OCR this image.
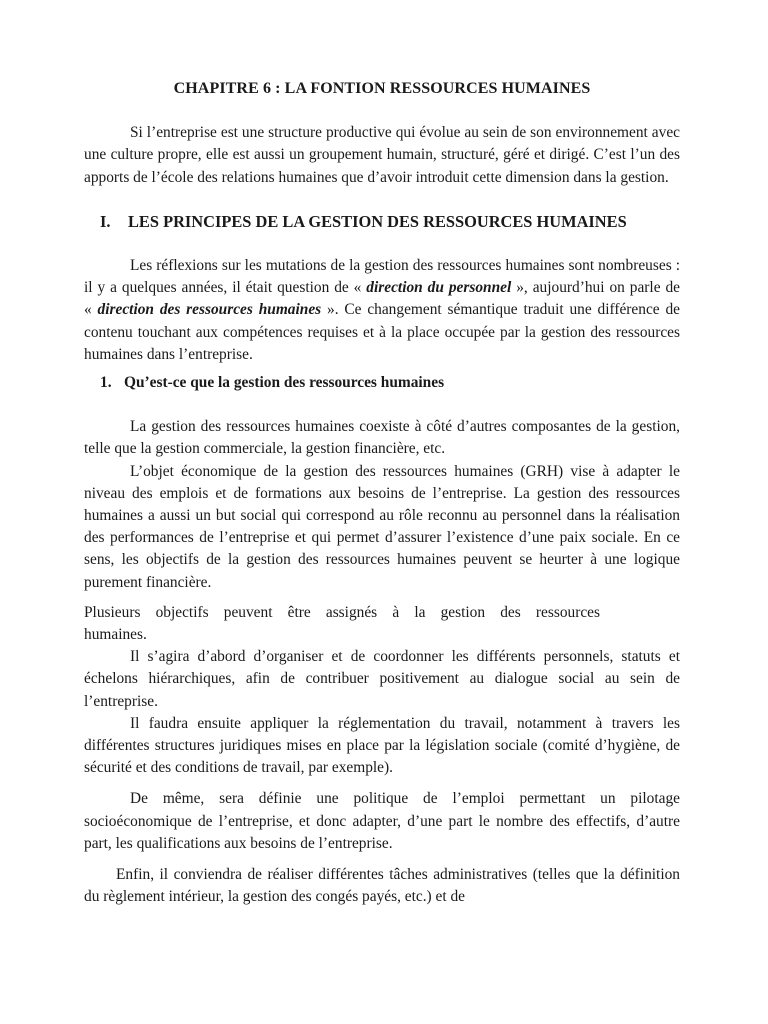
CHAPITRE 6 : LA FONTION RESSOURCES HUMAINES

Si l’entreprise est une structure productive qui évolue au sein de son environnement avec une culture propre, elle est aussi un groupement humain, structuré, géré et dirigé. C’est l’un des apports de l’école des relations humaines que d’avoir introduit cette dimension dans la gestion.

I.	LES PRINCIPES DE LA GESTION DES RESSOURCES HUMAINES

Les réflexions sur les mutations de la gestion des ressources humaines sont nombreuses : il y a quelques années, il était question de « direction du personnel », aujourd’hui on parle de « direction des ressources humaines ». Ce changement sémantique traduit une différence de contenu touchant aux compétences requises et à la place occupée par la gestion des ressources humaines dans l’entreprise.

1. Qu’est-ce que la gestion des ressources humaines

La gestion des ressources humaines coexiste à côté d’autres composantes de la gestion, telle que la gestion commerciale, la gestion financière, etc.

L’objet économique de la gestion des ressources humaines (GRH) vise à adapter le niveau des emplois et de formations aux besoins de l’entreprise. La gestion des ressources humaines a aussi un but social qui correspond au rôle reconnu au personnel dans la réalisation des performances de l’entreprise et qui permet d’assurer l’existence d’une paix sociale. En ce sens, les objectifs de la gestion des ressources humaines peuvent se heurter à une logique purement financière.

Plusieurs objectifs peuvent être assignés à la gestion des ressources
humaines.

Il s’agira d’abord d’organiser et de coordonner les différents personnels, statuts et échelons hiérarchiques, afin de contribuer positivement au dialogue social au sein de l’entreprise.

Il faudra ensuite appliquer la réglementation du travail, notamment à travers les différentes structures juridiques mises en place par la législation sociale (comité d’hygiène, de sécurité et des conditions de travail, par exemple).

De même, sera définie une politique de l’emploi permettant un pilotage socioéconomique de l’entreprise, et donc adapter, d’une part le nombre des effectifs, d’autre part, les qualifications aux besoins de l’entreprise.

Enfin, il conviendra de réaliser différentes tâches administratives (telles que la définition du règlement intérieur, la gestion des congés payés, etc.) et de
